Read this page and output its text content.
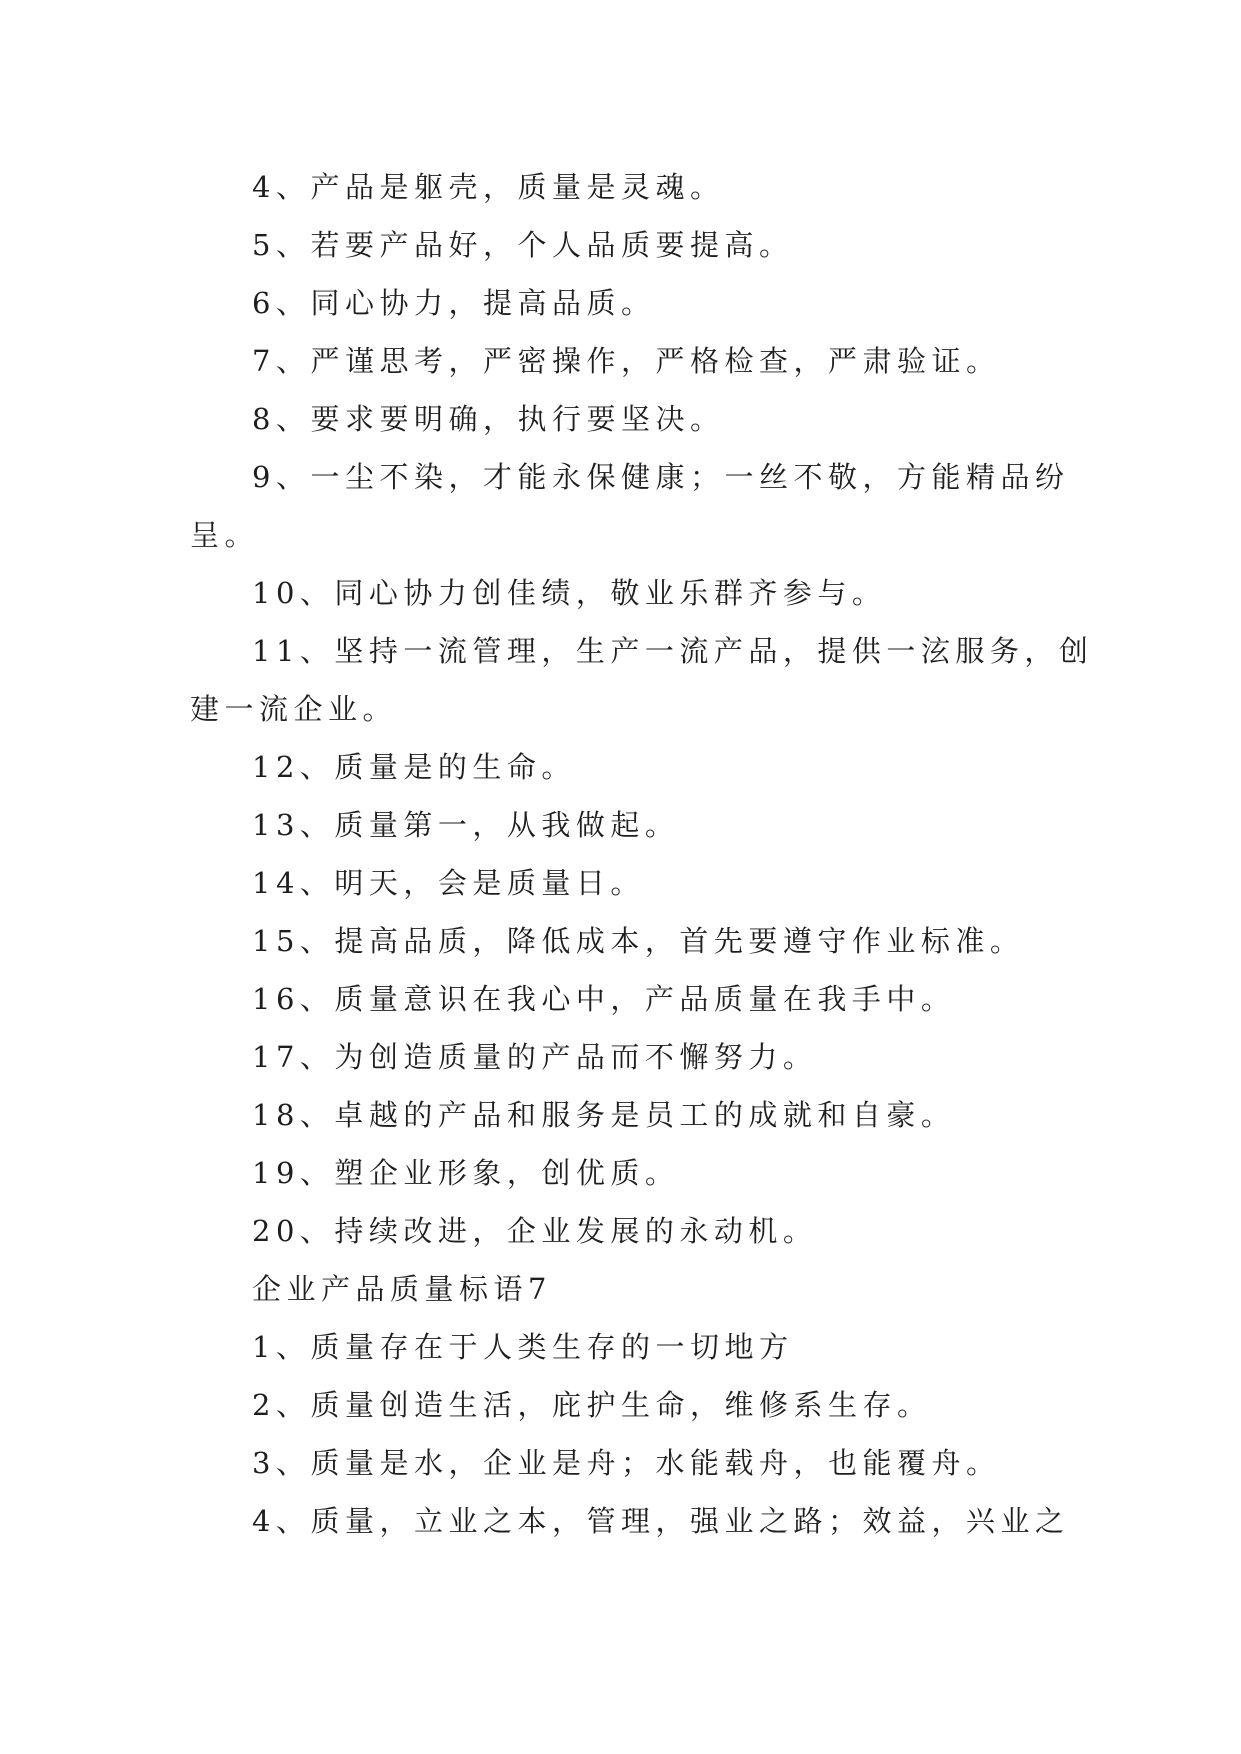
4、产品是躯壳，质量是灵魂。

5、若要产品好，个人品质要提高。

6、同心协力，提高品质。

7、严谨思考，严密操作，严格检查，严肃验证。

8、要求要明确，执行要坚决。

9、一尘不染，才能永保健康；一丝不敬，方能精品纷

呈。

10、同心协力创佳绩，敬业乐群齐参与。

11、坚持一流管理，生产一流产品，提供一泫服务，创

建一流企业。

12、质量是的生命。

13、质量第一，从我做起。

14、明天，会是质量日。

15、提高品质，降低成本，首先要遵守作业标准。

16、质量意识在我心中，产品质量在我手中。

17、为创造质量的产品而不懈努力。

18、卓越的产品和服务是员工的成就和自豪。

19、塑企业形象，创优质。

20、持续改进，企业发展的永动机。

企业产品质量标语7

1、质量存在于人类生存的一切地方

2、质量创造生活，庇护生命，维修系生存。

3、质量是水，企业是舟；水能载舟，也能覆舟。

4、质量，立业之本，管理，强业之路；效益，兴业之
